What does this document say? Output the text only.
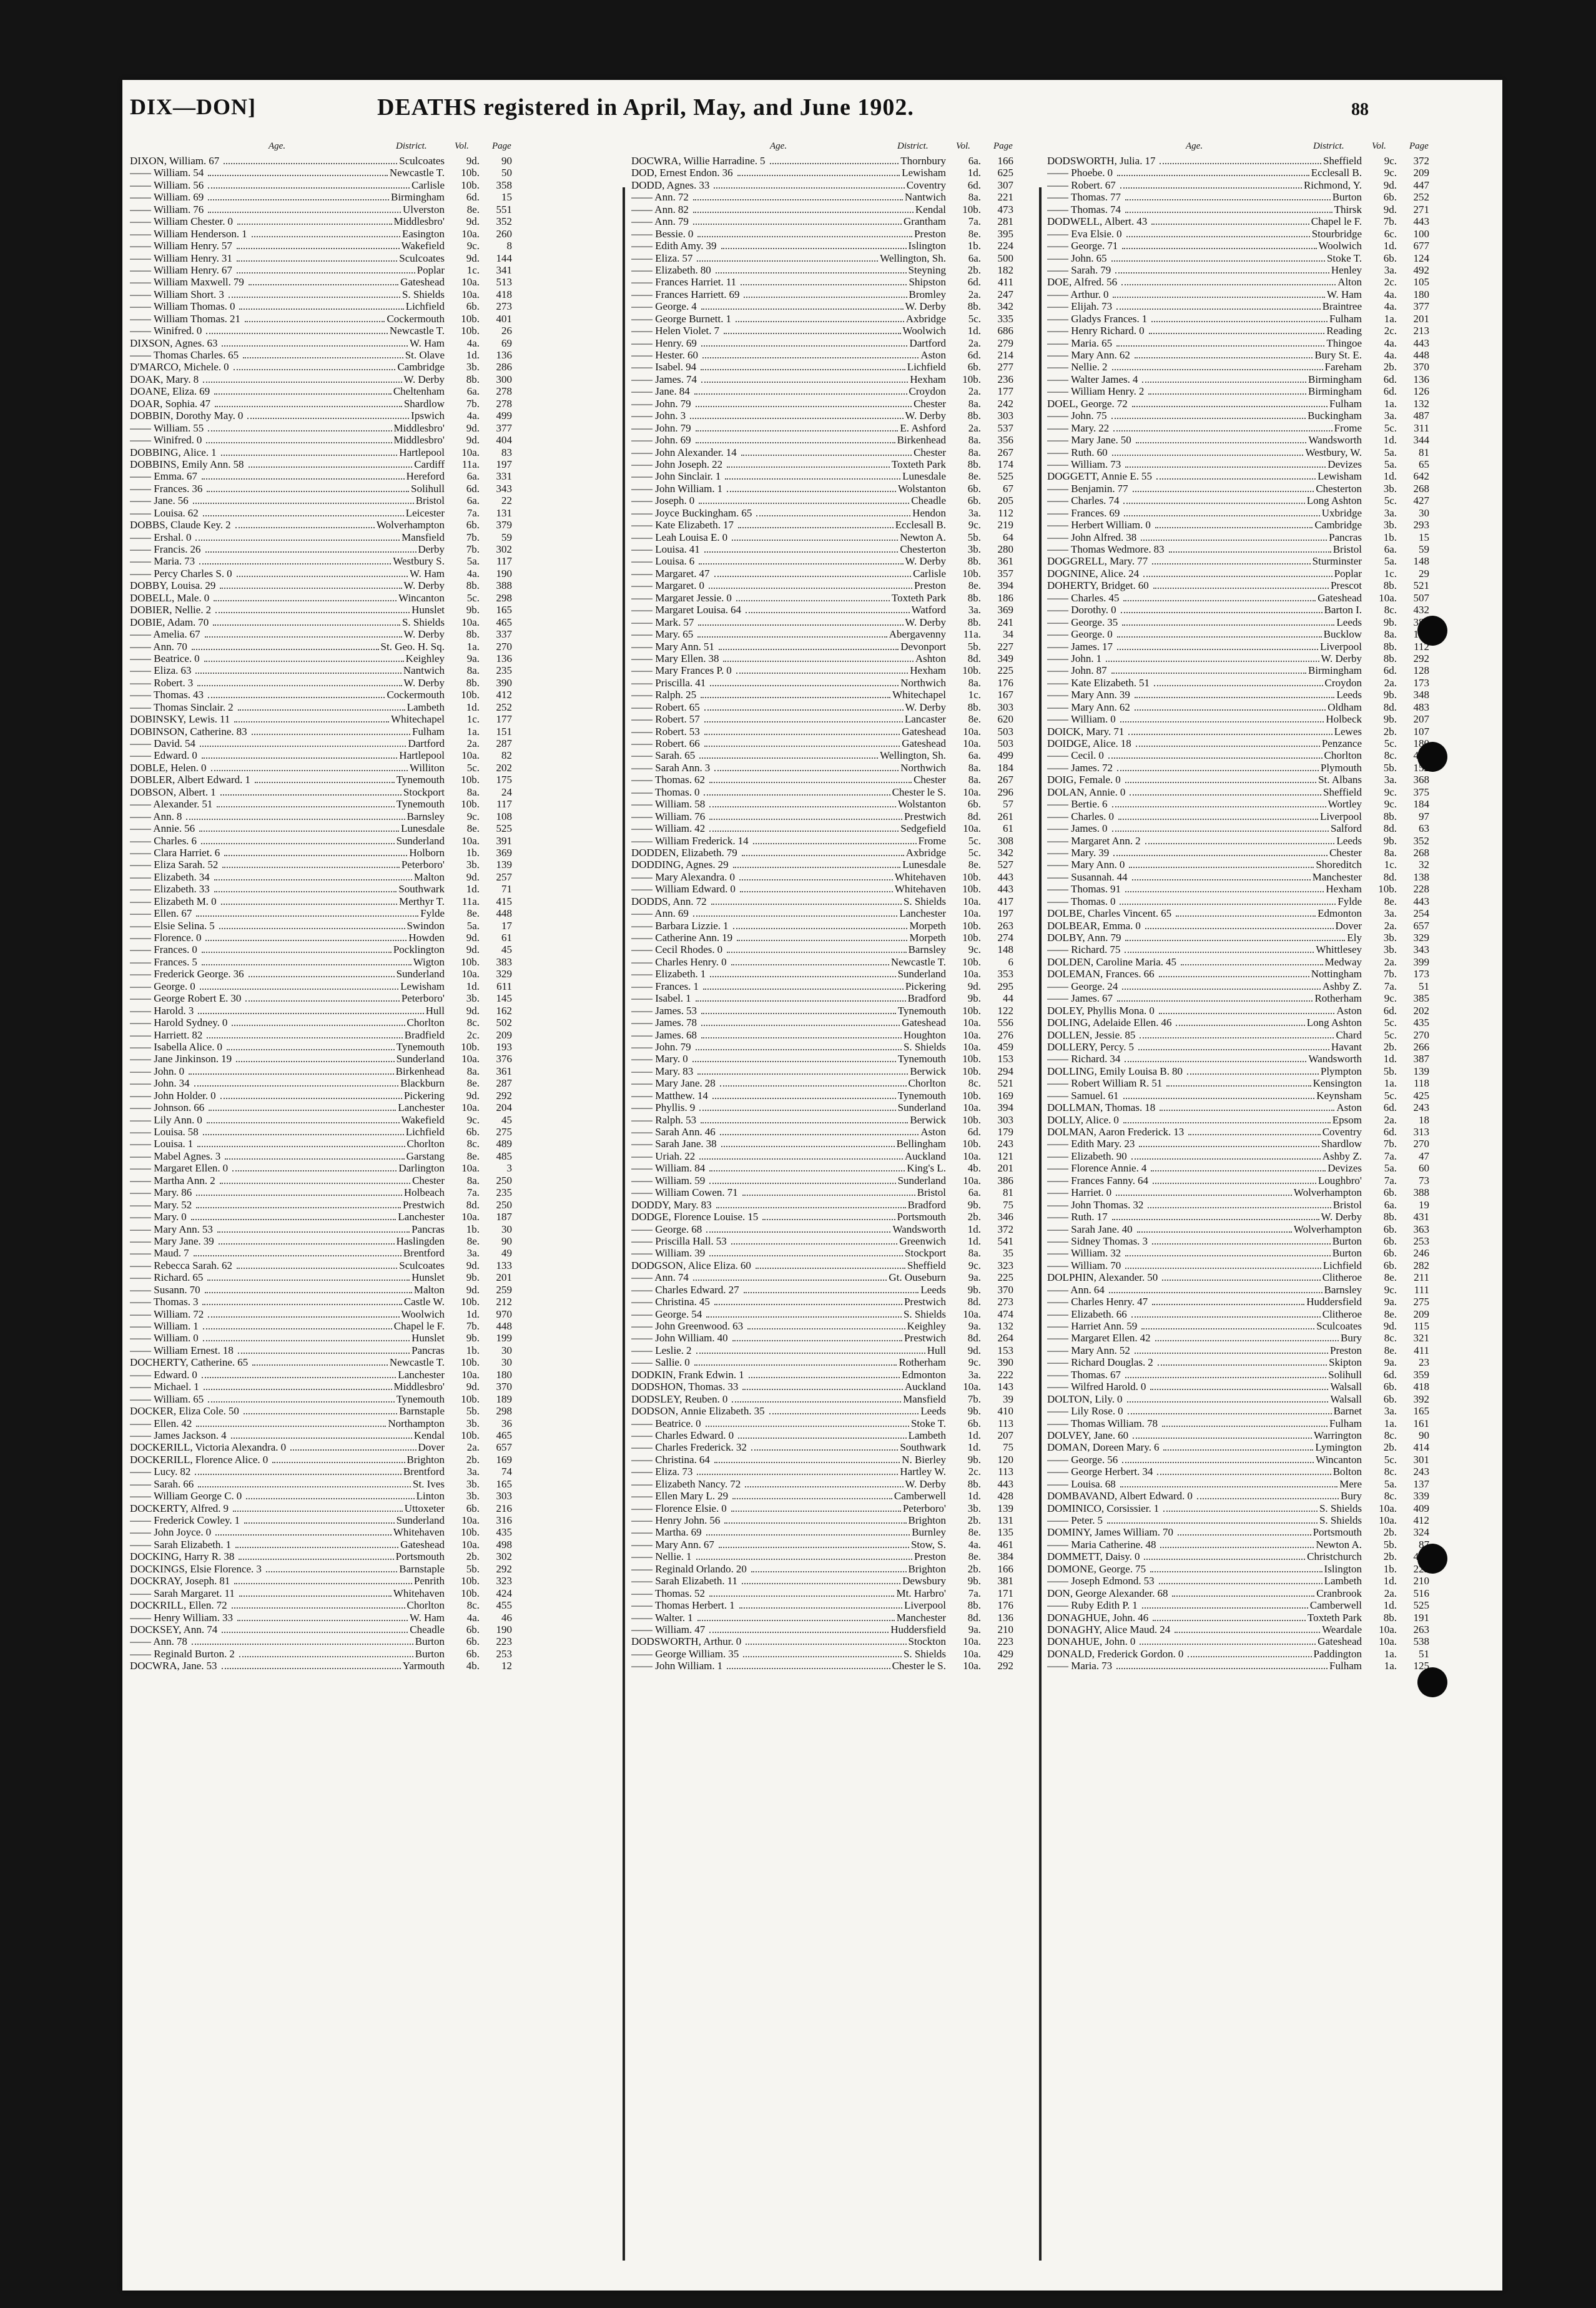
DIX—DON]	DEATHS registered in April, May, and June 1902.	88
Age.	District.	Vol. Page
DIXON, William. 67	Sculcoates	9d.	90
—— William. 54	Newcastle T.	10b.	50
—— William. 56	Carlisle	10b.	358
—— William. 69	Birmingham	6d.	15
—— William. 76	Ulverston	8e.	551
—— William Chester. 0	Middlesbro'	9d.	352
—— William Henderson. 1	Easington	10a.	260
—— William Henry. 57	Wakefield	9c.	8
—— William Henry. 31	Sculcoates	9d.	144
—— William Henry. 67	Poplar	1c.	341
—— William Maxwell. 79	Gateshead	10a.	513
—— William Short. 3	S. Shields	10a.	418
—— William Thomas. 0	Lichfield	6b.	273
—— William Thomas. 21	Cockermouth	10b.	401
—— Winifred. 0	Newcastle T.	10b.	26
DIXSON, Agnes. 63	W. Ham	4a.	69
—— Thomas Charles. 65	St. Olave	1d.	136
D'MARCO, Michele. 0	Cambridge	3b.	286
DOAK, Mary. 8	W. Derby	8b.	300
DOANE, Eliza. 69	Cheltenham	6a.	278
DOAR, Sophia. 47	Shardlow	7b.	278
DOBBIN, Dorothy May. 0	Ipswich	4a.	499
—— William. 55	Middlesbro'	9d.	377
—— Winifred. 0	Middlesbro'	9d.	404
DOBBING, Alice. 1	Hartlepool	10a.	83
DOBBINS, Emily Ann. 58	Cardiff	11a.	197
—— Emma. 67	Hereford	6a.	331
—— Frances. 36	Solihull	6d.	343
—— Jane. 56	Bristol	6a.	22
—— Louisa. 62	Leicester	7a.	131
DOBBS, Claude Key. 2	Wolverhampton	6b.	379
—— Ershal. 0	Mansfield	7b.	59
—— Francis. 26	Derby	7b.	302
—— Maria. 73	Westbury S.	5a.	117
—— Percy Charles S. 0	W. Ham	4a.	190
DOBBY, Louisa. 29	W. Derby	8b.	388
DOBELL, Male. 0	Wincanton	5c.	298
DOBIER, Nellie. 2	Hunslet	9b.	165
DOBIE, Adam. 70	S. Shields	10a.	465
—— Amelia. 67	W. Derby	8b.	337
—— Ann. 70	St. Geo. H. Sq.	1a.	270
—— Beatrice. 0	Keighley	9a.	136
—— Eliza. 63	Nantwich	8a.	235
—— Robert. 3	W. Derby	8b.	390
—— Thomas. 43	Cockermouth	10b.	412
—— Thomas Sinclair. 2	Lambeth	1d.	252
DOBINSKY, Lewis. 11	Whitechapel	1c.	177
DOBINSON, Catherine. 83	Fulham	1a.	151
—— David. 54	Dartford	2a.	287
—— Edward. 0	Hartlepool	10a.	82
DOBLE, Helen. 0	Williton	5c.	202
DOBLER, Albert Edward. 1	Tynemouth	10b.	175
DOBSON, Albert. 1	Stockport	8a.	24
—— Alexander. 51	Tynemouth	10b.	117
—— Ann. 8	Barnsley	9c.	108
—— Annie. 56	Lunesdale	8e.	525
—— Charles. 6	Sunderland	10a.	391
—— Clara Harriet. 6	Holborn	1b.	369
—— Eliza Sarah. 52	Peterboro'	3b.	139
—— Elizabeth. 34	Malton	9d.	257
—— Elizabeth. 33	Southwark	1d.	71
—— Elizabeth M. 0	Merthyr T.	11a.	415
—— Ellen. 67	Fylde	8e.	448
—— Elsie Selina. 5	Swindon	5a.	17
—— Florence. 0	Howden	9d.	61
—— Frances. 0	Pocklington	9d.	45
—— Frances. 5	Wigton	10b.	383
—— Frederick George. 36	Sunderland	10a.	329
—— George. 0	Lewisham	1d.	611
—— George Robert E. 30	Peterboro'	3b.	145
—— Harold. 3	Hull	9d.	162
—— Harold Sydney. 0	Chorlton	8c.	502
—— Harriett. 82	Bradfield	2c.	209
—— Isabella Alice. 0	Tynemouth	10b.	193
—— Jane Jinkinson. 19	Sunderland	10a.	376
—— John. 0	Birkenhead	8a.	361
—— John. 34	Blackburn	8e.	287
—— John Holder. 0	Pickering	9d.	292
—— Johnson. 66	Lanchester	10a.	204
—— Lily Ann. 0	Wakefield	9c.	45
—— Louisa. 58	Lichfield	6b.	275
—— Louisa. 1	Chorlton	8c.	489
—— Mabel Agnes. 3	Garstang	8e.	485
—— Margaret Ellen. 0	Darlington	10a.	3
—— Martha Ann. 2	Chester	8a.	250
—— Mary. 86	Holbeach	7a.	235
—— Mary. 52	Prestwich	8d.	250
—— Mary. 0	Lanchester	10a.	187
—— Mary Ann. 53	Pancras	1b.	30
—— Mary Jane. 39	Haslingden	8e.	90
—— Maud. 7	Brentford	3a.	49
—— Rebecca Sarah. 62	Sculcoates	9d.	133
—— Richard. 65	Hunslet	9b.	201
—— Susann. 70	Malton	9d.	259
—— Thomas. 3	Castle W.	10b.	212
—— William. 72	Woolwich	1d.	970
—— William. 1	Chapel le F.	7b.	448
—— William. 0	Hunslet	9b.	199
—— William Ernest. 18	Pancras	1b.	30
DOCHERTY, Catherine. 65	Newcastle T.	10b.	30
—— Edward. 0	Lanchester	10a.	180
—— Michael. 1	Middlesbro'	9d.	370
—— William. 65	Tynemouth	10b.	189
DOCKER, Eliza Cole. 50	Barnstaple	5b.	298
—— Ellen. 42	Northampton	3b.	36
—— James Jackson. 4	Kendal	10b.	465
DOCKERILL, Victoria Alexandra. 0	Dover	2a.	657
DOCKERILL, Florence Alice. 0	Brighton	2b.	169
—— Lucy. 82	Brentford	3a.	74
—— Sarah. 66	St. Ives	3b.	165
—— William George C. 0	Linton	3b.	303
DOCKERTY, Alfred. 9	Uttoxeter	6b.	216
—— Frederick Cowley. 1	Sunderland	10a.	316
—— John Joyce. 0	Whitehaven	10b.	435
—— Sarah Elizabeth. 1	Gateshead	10a.	498
DOCKING, Harry R. 38	Portsmouth	2b.	302
DOCKINGS, Elsie Florence. 3	Barnstaple	5b.	292
DOCKRAY, Joseph. 81	Penrith	10b.	323
—— Sarah Margaret. 11	Whitehaven	10b.	424
DOCKRILL, Ellen. 72	Chorlton	8c.	455
—— Henry William. 33	W. Ham	4a.	46
DOCKSEY, Ann. 74	Cheadle	6b.	190
—— Ann. 78	Burton	6b.	223
—— Reginald Burton. 2	Burton	6b.	253
DOCWRA, Jane. 53	Yarmouth	4b.	12
Age.	District.	Vol. Page
DOCWRA, Willie Harradine. 5	Thornbury	6a.	166
DOD, Ernest Endon. 36	Lewisham	1d.	625
DODD, Agnes. 33	Coventry	6d.	307
—— Ann. 72	Nantwich	8a.	221
—— Ann. 82	Kendal	10b.	473
—— Ann. 79	Grantham	7a.	281
—— Bessie. 0	Preston	8e.	395
—— Edith Amy. 39	Islington	1b.	224
—— Eliza. 57	Wellington, Sh.	6a.	500
—— Elizabeth. 80	Steyning	2b.	182
—— Frances Harriet. 11	Shipston	6d.	411
—— Frances Harriett. 69	Bromley	2a.	247
—— George. 4	W. Derby	8b.	342
—— George Burnett. 1	Axbridge	5c.	335
—— Helen Violet. 7	Woolwich	1d.	686
—— Henry. 69	Dartford	2a.	279
—— Hester. 60	Aston	6d.	214
—— Isabel. 94	Lichfield	6b.	277
—— James. 74	Hexham	10b.	236
—— Jane. 84	Croydon	2a.	177
—— John. 79	Chester	8a.	242
—— John. 3	W. Derby	8b.	303
—— John. 79	E. Ashford	2a.	537
—— John. 69	Birkenhead	8a.	356
—— John Alexander. 14	Chester	8a.	267
—— John Joseph. 22	Toxteth Park	8b.	174
—— John Sinclair. 1	Lunesdale	8e.	525
—— John William. 1	Wolstanton	6b.	67
—— Joseph. 0	Cheadle	6b.	205
—— Joyce Buckingham. 65	Hendon	3a.	112
—— Kate Elizabeth. 17	Ecclesall B.	9c.	219
—— Leah Louisa E. 0	Newton A.	5b.	64
—— Louisa. 41	Chesterton	3b.	280
—— Louisa. 6	W. Derby	8b.	361
—— Margaret. 47	Carlisle	10b.	357
—— Margaret. 0	Preston	8e.	394
—— Margaret Jessie. 0	Toxteth Park	8b.	186
—— Margaret Louisa. 64	Watford	3a.	369
—— Mark. 57	W. Derby	8b.	241
—— Mary. 65	Abergavenny	11a.	34
—— Mary Ann. 51	Devonport	5b.	227
—— Mary Ellen. 38	Ashton	8d.	349
—— Mary Frances P. 0	Hexham	10b.	225
—— Priscilla. 41	Northwich	8a.	176
—— Ralph. 25	Whitechapel	1c.	167
—— Robert. 65	W. Derby	8b.	303
—— Robert. 57	Lancaster	8e.	620
—— Robert. 53	Gateshead	10a.	503
—— Robert. 66	Gateshead	10a.	503
—— Sarah. 65	Wellington, Sh.	6a.	499
—— Sarah Ann. 3	Northwich	8a.	184
—— Thomas. 62	Chester	8a.	267
—— Thomas. 0	Chester le S.	10a.	296
—— William. 58	Wolstanton	6b.	57
—— William. 76	Prestwich	8d.	261
—— William. 42	Sedgefield	10a.	61
—— William Frederick. 14	Frome	5c.	308
DODDEN, Elizabeth. 79	Axbridge	5c.	342
DODDING, Agnes. 29	Lunesdale	8e.	527
—— Mary Alexandra. 0	Whitehaven	10b.	443
—— William Edward. 0	Whitehaven	10b.	443
DODDS, Ann. 72	S. Shields	10a.	417
—— Ann. 69	Lanchester	10a.	197
—— Barbara Lizzie. 1	Morpeth	10b.	263
—— Catherine Ann. 19	Morpeth	10b.	274
—— Cecil Rhodes. 0	Barnsley	9c.	148
—— Charles Henry. 0	Newcastle T.	10b.	6
—— Elizabeth. 1	Sunderland	10a.	353
—— Frances. 1	Pickering	9d.	295
—— Isabel. 1	Bradford	9b.	44
—— James. 53	Tynemouth	10b.	122
—— James. 78	Gateshead	10a.	556
—— James. 68	Houghton	10a.	276
—— John. 79	S. Shields	10a.	459
—— Mary. 0	Tynemouth	10b.	153
—— Mary. 83	Berwick	10b.	294
—— Mary Jane. 28	Chorlton	8c.	521
—— Matthew. 14	Tynemouth	10b.	169
—— Phyllis. 9	Sunderland	10a.	394
—— Ralph. 53	Berwick	10b.	303
—— Sarah Ann. 46	Aston	6d.	179
—— Sarah Jane. 38	Bellingham	10b.	243
—— Uriah. 22	Auckland	10a.	121
—— William. 84	King's L.	4b.	201
—— William. 59	Sunderland	10a.	386
—— William Cowen. 71	Bristol	6a.	81
DODDY, Mary. 83	Bradford	9b.	75
DODGE, Florence Louise. 15	Portsmouth	2b.	346
—— George. 68	Wandsworth	1d.	372
—— Priscilla Hall. 53	Greenwich	1d.	541
—— William. 39	Stockport	8a.	35
DODGSON, Alice Eliza. 60	Sheffield	9c.	323
—— Ann. 74	Gt. Ouseburn	9a.	225
—— Charles Edward. 27	Leeds	9b.	370
—— Christina. 45	Prestwich	8d.	273
—— George. 54	S. Shields	10a.	474
—— John Greenwood. 63	Keighley	9a.	132
—— John William. 40	Prestwich	8d.	264
—— Leslie. 2	Hull	9d.	153
—— Sallie. 0	Rotherham	9c.	390
DODKIN, Frank Edwin. 1	Edmonton	3a.	222
DODSHON, Thomas. 33	Auckland	10a.	143
DODSLEY, Reuben. 0	Mansfield	7b.	39
DODSON, Annie Elizabeth. 35	Leeds	9b.	410
—— Beatrice. 0	Stoke T.	6b.	113
—— Charles Edward. 0	Lambeth	1d.	207
—— Charles Frederick. 32	Southwark	1d.	75
—— Christina. 64	N. Bierley	9b.	120
—— Eliza. 73	Hartley W.	2c.	113
—— Elizabeth Nancy. 72	W. Derby	8b.	443
—— Ellen Mary L. 29	Camberwell	1d.	428
—— Florence Elsie. 0	Peterboro'	3b.	139
—— Henry John. 56	Brighton	2b.	131
—— Martha. 69	Burnley	8e.	135
—— Mary Ann. 67	Stow, S.	4a.	461
—— Nellie. 1	Preston	8e.	384
—— Reginald Orlando. 20	Brighton	2b.	166
—— Sarah Elizabeth. 11	Dewsbury	9b.	381
—— Thomas. 52	Mt. Harbro'	7a.	171
—— Thomas Herbert. 1	Liverpool	8b.	176
—— Walter. 1	Manchester	8d.	136
—— William. 47	Huddersfield	9a.	210
DODSWORTH, Arthur. 0	Stockton	10a.	223
—— George William. 35	S. Shields	10a.	429
—— John William. 1	Chester le S.	10a.	292
Age.	District.	Vol. Page
DODSWORTH, Julia. 17	Sheffield	9c.	372
—— Phoebe. 0	Ecclesall B.	9c.	209
—— Robert. 67	Richmond, Y.	9d.	447
—— Thomas. 77	Burton	6b.	252
—— Thomas. 74	Thirsk	9d.	271
DODWELL, Albert. 43	Chapel le F.	7b.	443
—— Eva Elsie. 0	Stourbridge	6c.	100
—— George. 71	Woolwich	1d.	677
—— John. 65	Stoke T.	6b.	124
—— Sarah. 79	Henley	3a.	492
DOE, Alfred. 56	Alton	2c.	105
—— Arthur. 0	W. Ham	4a.	180
—— Elijah. 73	Braintree	4a.	377
—— Gladys Frances. 1	Fulham	1a.	201
—— Henry Richard. 0	Reading	2c.	213
—— Maria. 65	Thingoe	4a.	443
—— Mary Ann. 62	Bury St. E.	4a.	448
—— Nellie. 2	Fareham	2b.	370
—— Walter James. 4	Birmingham	6d.	136
—— William Henry. 2	Birmingham	6d.	126
DOEL, George. 72	Fulham	1a.	132
—— John. 75	Buckingham	3a.	487
—— Mary. 22	Frome	5c.	311
—— Mary Jane. 50	Wandsworth	1d.	344
—— Ruth. 60	Westbury, W.	5a.	81
—— William. 73	Devizes	5a.	65
DOGGETT, Annie E. 55	Lewisham	1d.	642
—— Benjamin. 77	Chesterton	3b.	268
—— Charles. 74	Long Ashton	5c.	427
—— Frances. 69	Uxbridge	3a.	30
—— Herbert William. 0	Cambridge	3b.	293
—— John Alfred. 38	Pancras	1b.	15
—— Thomas Wedmore. 83	Bristol	6a.	59
DOGGRELL, Mary. 77	Sturminster	5a.	148
DOGNINE, Alice. 24	Poplar	1c.	29
DOHERTY, Bridget. 60	Prescot	8b.	521
—— Charles. 45	Gateshead	10a.	507
—— Dorothy. 0	Barton I.	8c.	432
—— George. 35	Leeds	9b.
—— George. 0	Bucklow	8a.
—— James. 17	Liverpool	8b.	112
—— John. 1	W. Derby	8b.	292
—— John. 87	Birmingham	6d.	128
—— Kate Elizabeth. 51	Croydon	2a.	173
—— Mary Ann. 39	Leeds	9b.	348
—— Mary Ann. 62	Oldham	8d.	483
—— William. 0	Holbeck	9b.	207
DOICK, Mary. 71	Lewes	2b.	107
DOIDGE, Alice. 18	Penzance	5c.	180
—— Cecil. 0	Chorlton	8c.
—— James. 72	Plymouth	5b.	152
DOIG, Female. 0	St. Albans	3a.	368
DOLAN, Annie. 0	Sheffield	9c.	375
—— Bertie. 6	Wortley	9c.	184
—— Charles. 0	Liverpool	8b.	97
—— James. 0	Salford	8d.	63
—— Margaret Ann. 2	Leeds	9b.	352
—— Mary. 39	Chester	8a.	268
—— Mary Ann. 0	Shoreditch	1c.	32
—— Susannah. 44	Manchester	8d.	138
—— Thomas. 91	Hexham	10b.	228
—— Thomas. 0	Fylde	8e.	443
DOLBE, Charles Vincent. 65	Edmonton	3a.	254
DOLBEAR, Emma. 0	Dover	2a.	657
DOLBY, Ann. 79	Ely	3b.	329
—— Richard. 75	Whittlesey	3b.	343
DOLDEN, Caroline Maria. 45	Medway	2a.	399
DOLEMAN, Frances. 66	Nottingham	7b.	173
—— George. 24	Ashby Z.	7a.	51
—— James. 67	Rotherham	9c.	385
DOLEY, Phyllis Mona. 0	Aston	6d.	202
DOLING, Adelaide Ellen. 46	Long Ashton	5c.	435
DOLLEN, Jessie. 85	Chard	5c.	270
DOLLERY, Percy. 5	Havant	2b.	266
—— Richard. 34	Wandsworth	1d.	387
DOLLING, Emily Louisa B. 80	Plympton	5b.	139
—— Robert William R. 51	Kensington	1a.	118
—— Samuel. 61	Keynsham	5c.	425
DOLLMAN, Thomas. 18	Aston	6d.	243
DOLLY, Alice. 0	Epsom	2a.	18
DOLMAN, Aaron Frederick. 13	Coventry	6d.	313
—— Edith Mary. 23	Shardlow	7b.	270
—— Elizabeth. 90	Ashby Z.	7a.	47
—— Florence Annie. 4	Devizes	5a.	60
—— Frances Fanny. 64	Loughbro'	7a.	73
—— Harriet. 0	Wolverhampton	6b.	388
—— John Thomas. 32	Bristol	6a.	19
—— Ruth. 17	W. Derby	8b.	431
—— Sarah Jane. 40	Wolverhampton	6b.	363
—— Sidney Thomas. 3	Burton	6b.	253
—— William. 32	Burton	6b.	246
—— William. 70	Lichfield	6b.	282
DOLPHIN, Alexander. 50	Clitheroe	8e.	211
—— Ann. 64	Barnsley	9c.	111
—— Charles Henry. 47	Huddersfield	9a.	275
—— Elizabeth. 66	Clitheroe	8e.	209
—— Harriet Ann. 59	Sculcoates	9d.	115
—— Margaret Ellen. 42	Bury	8c.	321
—— Mary Ann. 52	Preston	8e.	411
—— Richard Douglas. 2	Skipton	9a.	23
—— Thomas. 67	Solihull	6d.	359
—— Wilfred Harold. 0	Walsall	6b.	418
DOLTON, Lily. 0	Walsall	6b.	392
—— Lily Rose. 0	Barnet	3a.	165
—— Thomas William. 78	Fulham	1a.	161
DOLVEY, Jane. 60	Warrington	8c.	90
DOMAN, Doreen Mary. 6	Lymington	2b.	414
—— George. 56	Wincanton	5c.	301
—— George Herbert. 34	Bolton	8c.	243
—— Louisa. 68	Mere	5a.	137
DOMBAVAND, Albert Edward. 0	Bury	8c.	339
DOMINICO, Corsissier. 1	S. Shields	10a.	409
—— Peter. 5	S. Shields	10a.	412
DOMINY, James William. 70	Portsmouth	2b.	324
—— Maria Catherine. 48	Newton A.	5b.	87
DOMMETT, Daisy. 0	Christchurch	2b.
DOMONE, George. 75	Islington	1b.
—— Joseph Edmond. 53	Lambeth	1d.	210
DON, George Alexander. 68	Cranbrook	2a.	516
—— Ruby Edith P. 1	Camberwell	1d.	525
DONAGHUE, John. 46	Toxteth Park	8b.	191
DONAGHY, Alice Maud. 24	Weardale	10a.	263
DONAHUE, John. 0	Gateshead	10a.	538
DONALD, Frederick Gordon. 0	Paddington	1a.	51
—— Maria. 73	Fulham	1a.	125
